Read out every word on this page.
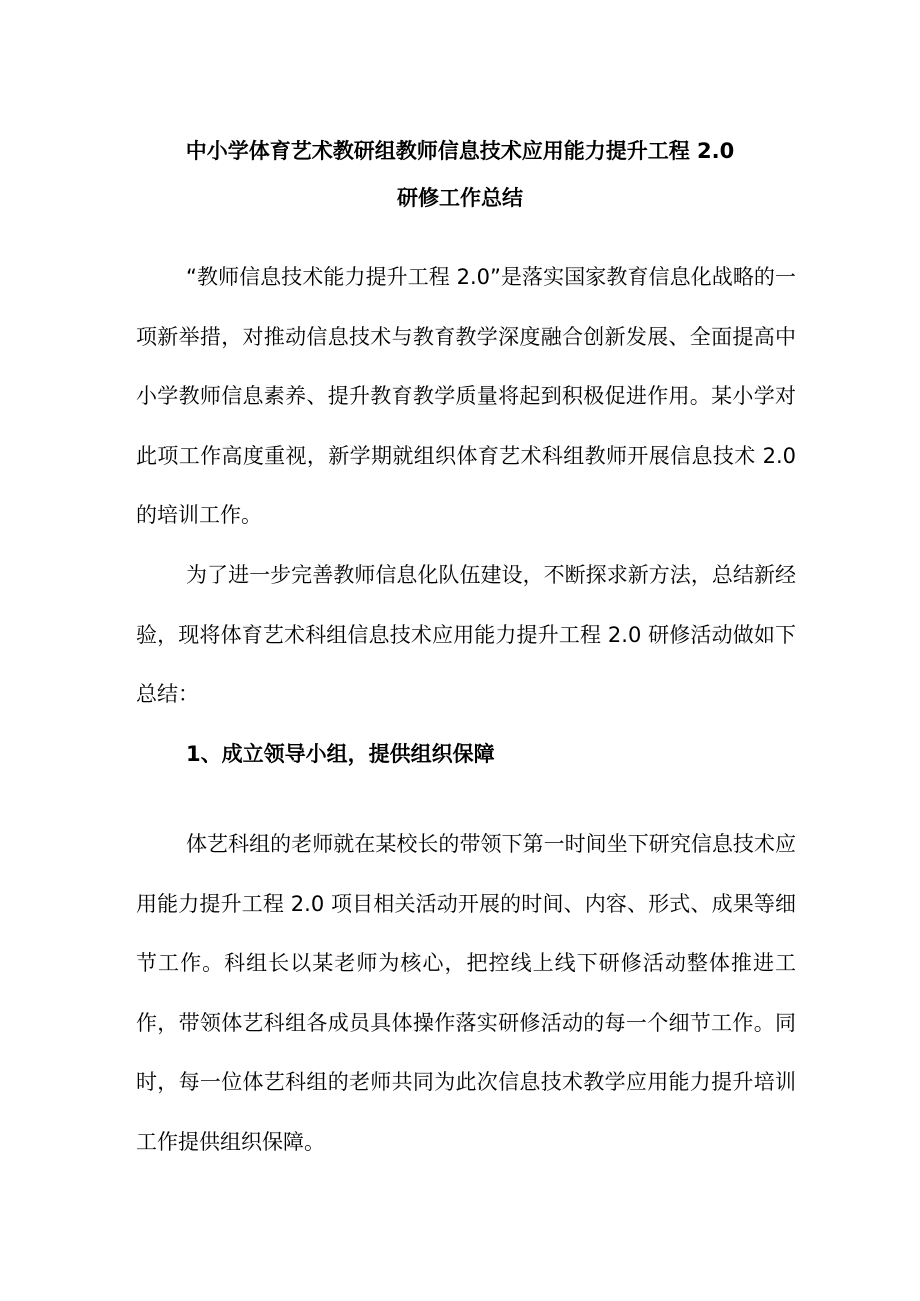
中小学体育艺术教研组教师信息技术应用能力提升工程 2.0
研修工作总结

“教师信息技术能力提升工程 2.0”是落实国家教育信息化战略的一项新举措，对推动信息技术与教育教学深度融合创新发展、全面提高中小学教师信息素养、提升教育教学质量将起到积极促进作用。某小学对此项工作高度重视，新学期就组织体育艺术科组教师开展信息技术 2.0 的培训工作。

为了进一步完善教师信息化队伍建设，不断探求新方法，总结新经验，现将体育艺术科组信息技术应用能力提升工程 2.0 研修活动做如下总结：

1、成立领导小组，提供组织保障

体艺科组的老师就在某校长的带领下第一时间坐下研究信息技术应用能力提升工程 2.0 项目相关活动开展的时间、内容、形式、成果等细节工作。科组长以某老师为核心，把控线上线下研修活动整体推进工作，带领体艺科组各成员具体操作落实研修活动的每一个细节工作。同时，每一位体艺科组的老师共同为此次信息技术教学应用能力提升培训工作提供组织保障。
